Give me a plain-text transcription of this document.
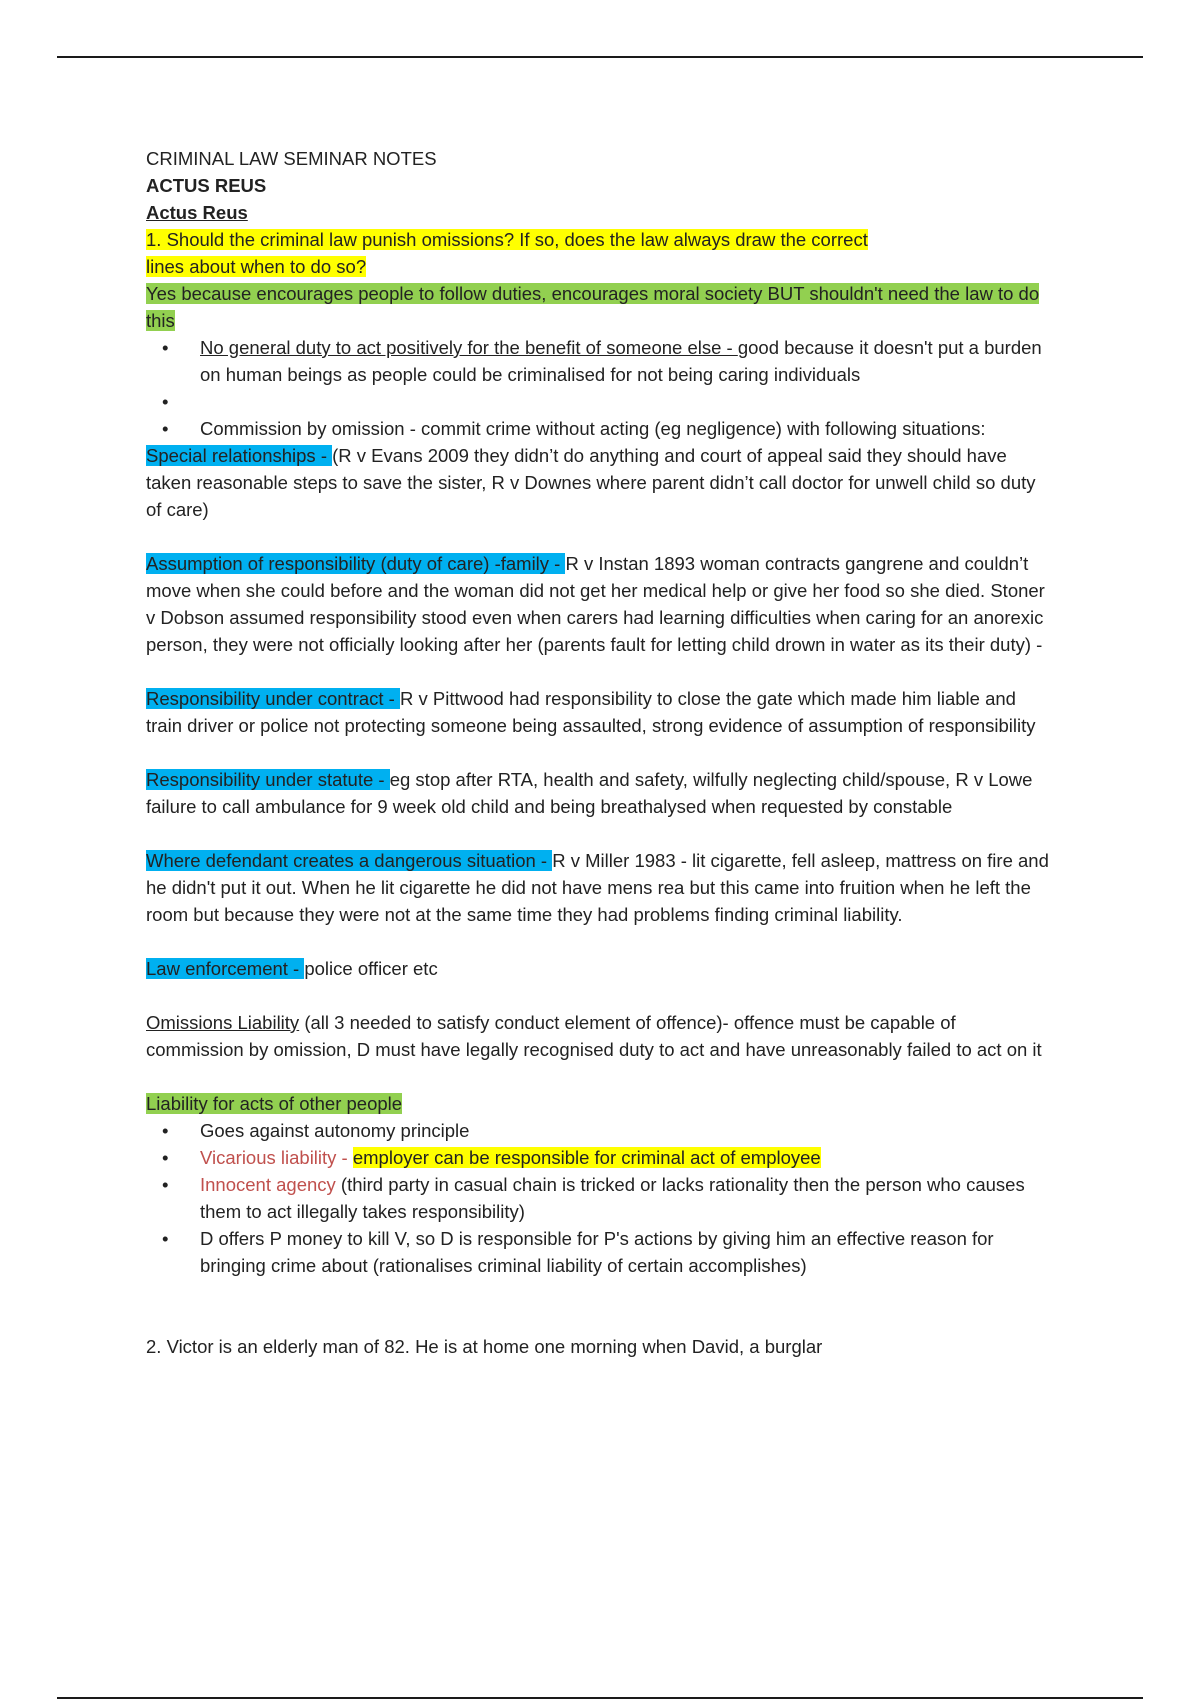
CRIMINAL LAW SEMINAR NOTES

ACTUS REUS

Actus Reus

1. Should the criminal law punish omissions? If so, does the law always draw the correct lines about when to do so?

Yes because encourages people to follow duties, encourages moral society BUT shouldn't need the law to do this

• No general duty to act positively for the benefit of someone else - good because it doesn't put a burden on human beings as people could be criminalised for not being caring individuals
•
• Commission by omission - commit crime without acting (eg negligence) with following situations:

Special relationships - (R v Evans 2009 they didn’t do anything and court of appeal said they should have taken reasonable steps to save the sister, R v Downes where parent didn’t call doctor for unwell child so duty of care)

Assumption of responsibility (duty of care) -family - R v Instan 1893 woman contracts gangrene and couldn’t move when she could before and the woman did not get her medical help or give her food so she died. Stoner v Dobson assumed responsibility stood even when carers had learning difficulties when caring for an anorexic person, they were not officially looking after her (parents fault for letting child drown in water as its their duty) -

Responsibility under contract - R v Pittwood had responsibility to close the gate which made him liable and train driver or police not protecting someone being assaulted, strong evidence of assumption of responsibility

Responsibility under statute - eg stop after RTA, health and safety, wilfully neglecting child/spouse, R v Lowe failure to call ambulance for 9 week old child and being breathalysed when requested by constable

Where defendant creates a dangerous situation - R v Miller 1983 - lit cigarette, fell asleep, mattress on fire and he didn't put it out. When he lit cigarette he did not have mens rea but this came into fruition when he left the room but because they were not at the same time they had problems finding criminal liability.

Law enforcement - police officer etc

Omissions Liability (all 3 needed to satisfy conduct element of offence)- offence must be capable of commission by omission, D must have legally recognised duty to act and have unreasonably failed to act on it

Liability for acts of other people

• Goes against autonomy principle
• Vicarious liability - employer can be responsible for criminal act of employee
• Innocent agency (third party in casual chain is tricked or lacks rationality then the person who causes them to act illegally takes responsibility)
• D offers P money to kill V, so D is responsible for P's actions by giving him an effective reason for bringing crime about (rationalises criminal liability of certain accomplishes)

2. Victor is an elderly man of 82. He is at home one morning when David, a burglar
